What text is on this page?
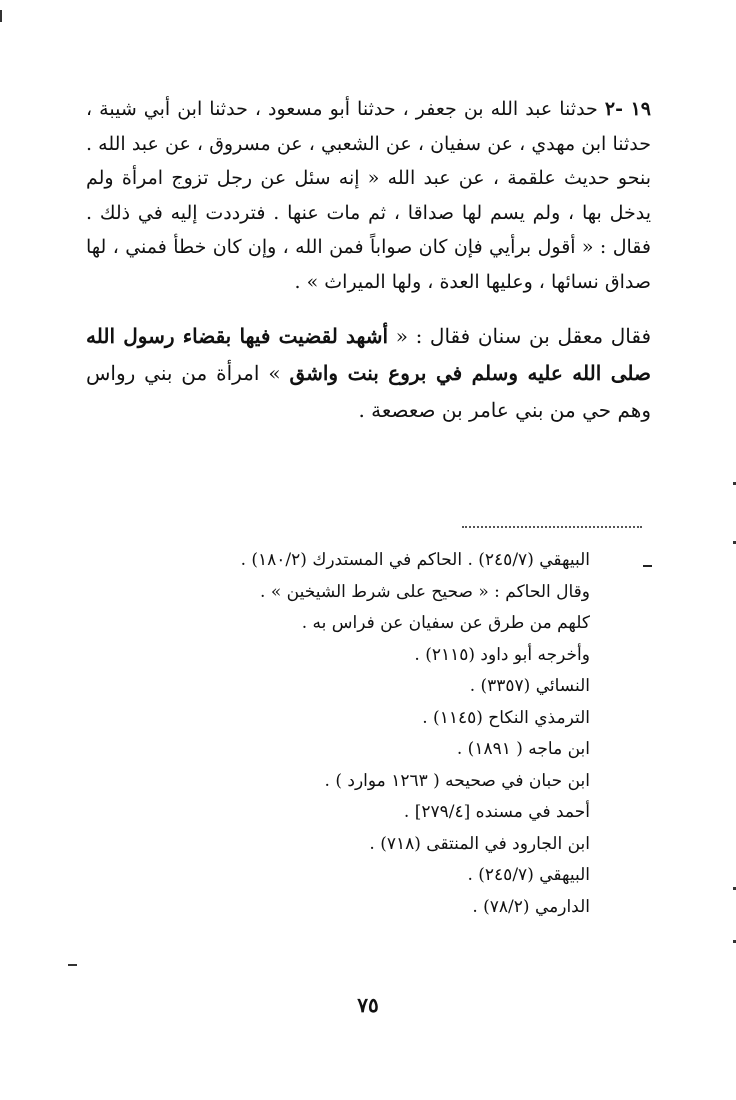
١٩ -٢ حدثنا عبد الله بن جعفر ، حدثنا أبو مسعود ، حدثنا ابن أبي شيبة ، حدثنا ابن مهدي ، عن سفيان ، عن الشعبي ، عن مسروق ، عن عبد الله . بنحو حديث علقمة ، عن عبد الله « إنه سئل عن رجل تزوج امرأة ولم يدخل بها ، ولم يسم لها صداقا ، ثم مات عنها . فترددت إليه في ذلك . فقال : « أقول برأيي فإن كان صواباً فمن الله ، وإن كان خطأ فمني ، لها صداق نسائها ، وعليها العدة ، ولها الميراث » .

فقال معقل بن سنان فقال : « أشهد لقضيت فيها بقضاء رسول الله صلى الله عليه وسلم في بروع بنت واشق » امرأة من بني رواس وهم حي من بني عامر بن صعصعة .

البيهقي (٢٤٥/٧) . الحاكم في المستدرك (١٨٠/٢) .
وقال الحاكم : « صحيح على شرط الشيخين » .
كلهم من طرق عن سفيان عن فراس به .
وأخرجه أبو داود (٢١١٥) .
النسائي (٣٣٥٧) .
الترمذي النكاح (١١٤٥) .
ابن ماجه ( ١٨٩١) .
ابن حبان في صحيحه ( ١٢٦٣ موارد ) .
أحمد في مسنده [٢٧٩/٤] .
ابن الجارود في المنتقى (٧١٨) .
البيهقي (٢٤٥/٧) .
الدارمي (٧٨/٢) .
٧٥
